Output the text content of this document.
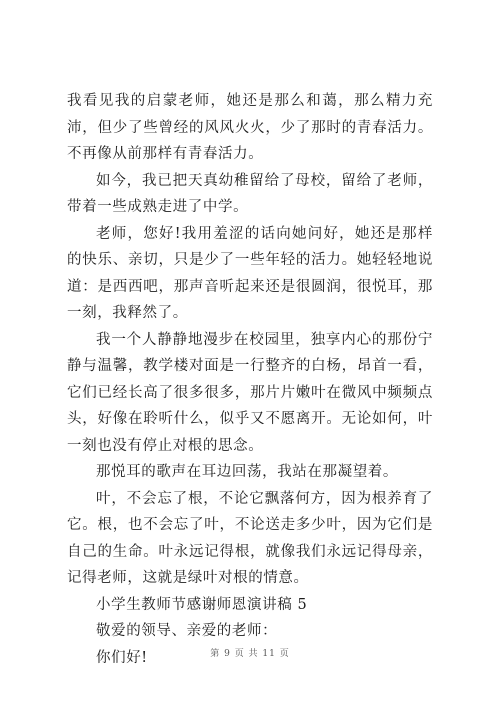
我看见我的启蒙老师，她还是那么和蔼，那么精力充沛，但少了些曾经的风风火火，少了那时的青春活力。不再像从前那样有青春活力。

如今，我已把天真幼稚留给了母校，留给了老师，带着一些成熟走进了中学。

老师，您好!我用羞涩的话向她问好，她还是那样的快乐、亲切，只是少了一些年轻的活力。她轻轻地说道：是西西吧，那声音听起来还是很圆润，很悦耳，那一刻，我释然了。

我一个人静静地漫步在校园里，独享内心的那份宁静与温馨，教学楼对面是一行整齐的白杨，昂首一看，它们已经长高了很多很多，那片片嫩叶在微风中频频点头，好像在聆听什么，似乎又不愿离开。无论如何，叶一刻也没有停止对根的思念。

那悦耳的歌声在耳边回荡，我站在那凝望着。

叶，不会忘了根，不论它飘落何方，因为根养育了它。根，也不会忘了叶，不论送走多少叶，因为它们是自己的生命。叶永远记得根，就像我们永远记得母亲，记得老师，这就是绿叶对根的情意。

小学生教师节感谢师恩演讲稿 5

敬爱的领导、亲爱的老师：

你们好!	第 9 页 共 11 页
